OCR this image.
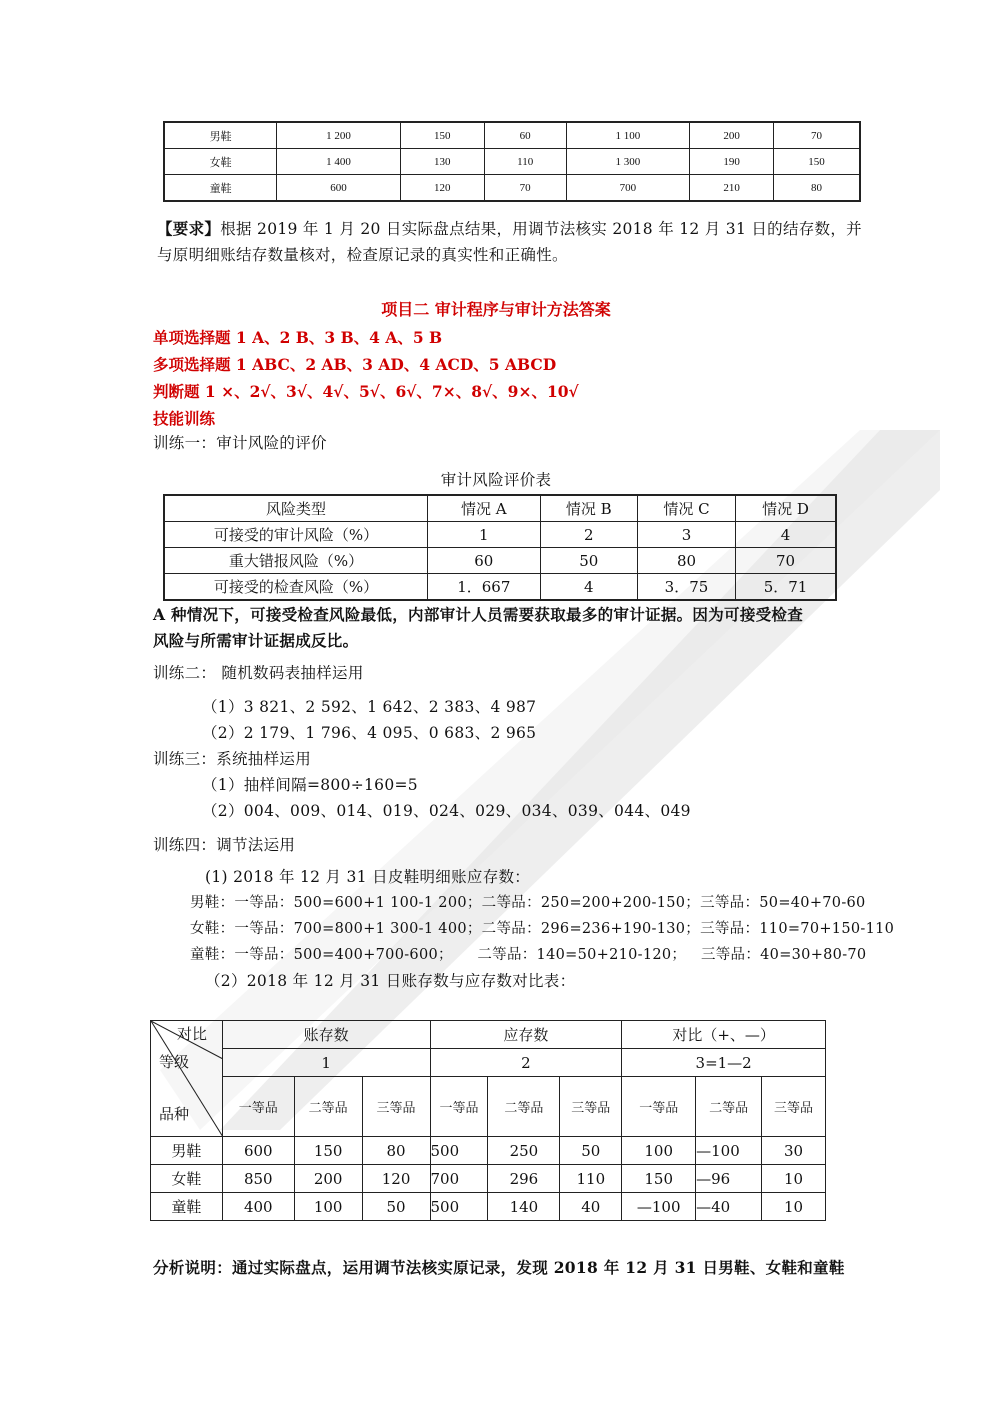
男鞋	1 200	150	60	1 100	200	70
女鞋	1 400	130	110	1 300	190	150
童鞋	600	120	70	700	210	80
【要求】根据 2019 年 1 月 20 日实际盘点结果，用调节法核实 2018 年 12 月 31 日的结存数，并
与原明细账结存数量核对，检查原记录的真实性和正确性。
项目二 审计程序与审计方法答案
单项选择题 1 A、2 B、3 B、4 A、5 B
多项选择题 1 ABC、2 AB、3 AD、4 ACD、5 ABCD
判断题 1 ×、2√、3√、4√、5√、6√、7×、8√、9×、10√
技能训练
训练一：审计风险的评价
审计风险评价表
风险类型	情况 A	情况 B	情况 C	情况 D
可接受的审计风险（%）	1	2	3	4
重大错报风险（%）	60	50	80	70
可接受的检查风险（%）	1．667	4	3．75	5．71
A 种情况下，可接受检查风险最低，内部审计人员需要获取最多的审计证据。因为可接受检查
风险与所需审计证据成反比。
训练二： 随机数码表抽样运用
（1）3 821、2 592、1 642、2 383、4 987
（2）2 179、1 796、4 095、0 683、2 965
训练三：系统抽样运用
（1）抽样间隔=800÷160=5
（2）004、009、014、019、024、029、034、039、044、049
训练四：调节法运用
(1) 2018 年 12 月 31 日皮鞋明细账应存数：
男鞋：一等品：500=600+1 100-1 200；二等品：250=200+200-150；三等品：50=40+70-60
女鞋：一等品：700=800+1 300-1 400；二等品：296=236+190-130；三等品：110=70+150-110
童鞋：一等品：500=400+700-600；     二等品：140=50+210-120；   三等品：40=30+80-70
（2）2018 年 12 月 31 日账存数与应存数对比表：
对比
等级
品种	账存数			应存数			对比（+、—）		
	1			2			3=1—2		
	一等品	二等品	三等品	一等品	二等品	三等品	一等品	二等品	三等品
男鞋	600	150	80	500	250	50	100	—100	30
女鞋	850	200	120	700	296	110	150	—96	10
童鞋	400	100	50	500	140	40	—100	—40	10
分析说明：通过实际盘点，运用调节法核实原记录，发现 2018 年 12 月 31 日男鞋、女鞋和童鞋
